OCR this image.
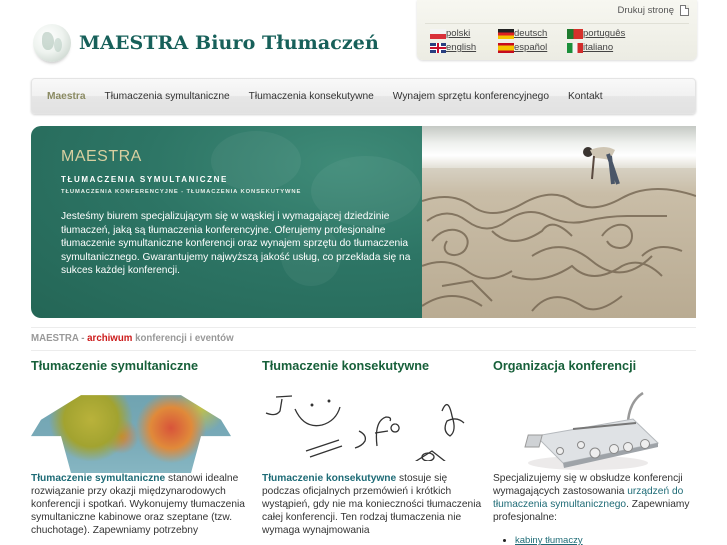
MAESTRA Biuro Tłumaczeń
Drukuj stronę
polski	deutsch	português
english	español	italiano
Maestra Tłumaczenia symultaniczne Tłumaczenia konsekutywne Wynajem sprzętu konferencyjnego Kontakt
MAESTRA
TŁUMACZENIA SYMULTANICZNE
TŁUMACZENIA KONFERENCYJNE - TŁUMACZENIA KONSEKUTYWNE
Jesteśmy biurem specjalizującym się w wąskiej i wymagającej dziedzinie tłumaczeń, jaką są tłumaczenia konferencyjne. Oferujemy profesjonalne tłumaczenie symultaniczne konferencji oraz wynajem sprzętu do tłumaczenia symultanicznego. Gwarantujemy najwyższą jakość usług, co przekłada się na sukces każdej konferencji.
MAESTRA - archiwum konferencji i eventów
Tłumaczenie symultaniczne

Tłumaczenie symultaniczne stanowi idealne rozwiązanie przy okazji międzynarodowych konferencji i spotkań. Wykonujemy tłumaczenia symultaniczne kabinowe oraz szeptane (tzw. chuchotage). Zapewniamy potrzebny

Tłumaczenie konsekutywne

Tłumaczenie konsekutywne stosuje się podczas oficjalnych przemówień i krótkich wystąpień, gdy nie ma konieczności tłumaczenia całej konferencji. Ten rodzaj tłumaczenia nie wymaga wynajmowania

Organizacja konferencji

Specjalizujemy się w obsłudze konferencji wymagających zastosowania urządzeń do tłumaczenia symultanicznego. Zapewniamy profesjonalne:

• kabiny tłumaczy
